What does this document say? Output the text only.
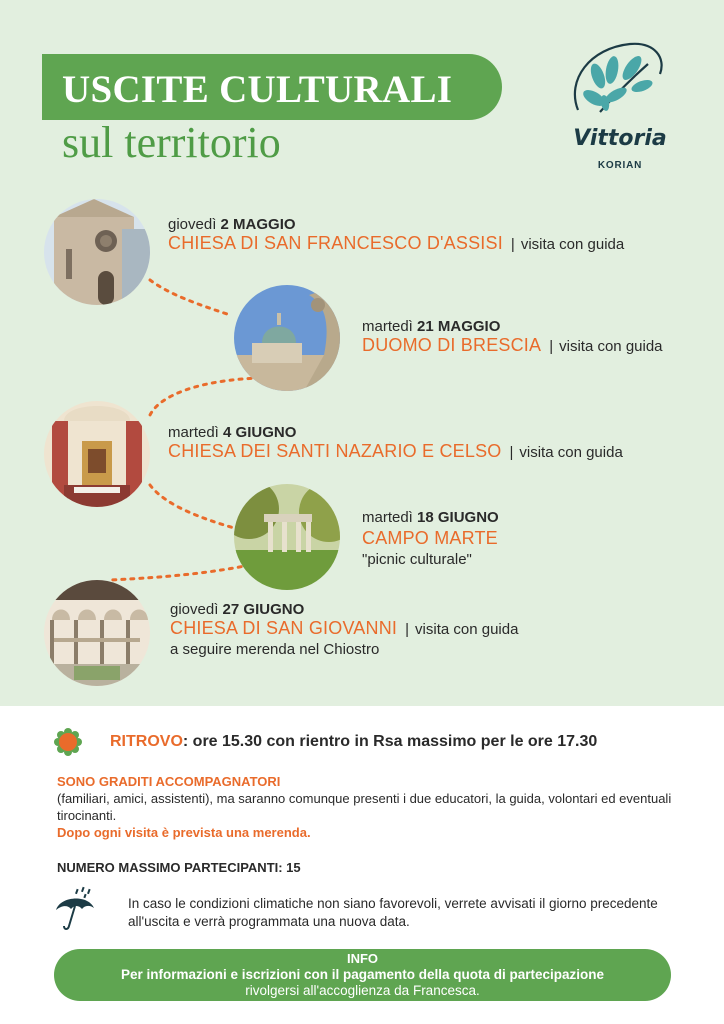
USCITE CULTURALI
sul territorio	Vittoria
KORIAN
giovedì 2 MAGGIO
CHIESA DI SAN FRANCESCO D'ASSISI | visita con guida
martedì 21 MAGGIO
DUOMO DI BRESCIA | visita con guida
martedì 4 GIUGNO
CHIESA DEI SANTI NAZARIO E CELSO | visita con guida
martedì 18 GIUGNO
CAMPO MARTE
"picnic culturale"
giovedì 27 GIUGNO
CHIESA DI SAN GIOVANNI | visita con guida
a seguire merenda nel Chiostro
RITROVO: ore 15.30 con rientro in Rsa massimo per le ore 17.30
SONO GRADITI ACCOMPAGNATORI
(familiari, amici, assistenti), ma saranno comunque presenti i due educatori, la guida, volontari ed eventuali tirocinanti.
Dopo ogni visita è prevista una merenda.
NUMERO MASSIMO PARTECIPANTI: 15
In caso le condizioni climatiche non siano favorevoli, verrete avvisati il giorno precedente all'uscita e verrà programmata una nuova data.
INFO
Per informazioni e iscrizioni con il pagamento della quota di partecipazione
rivolgersi all'accoglienza da Francesca.
